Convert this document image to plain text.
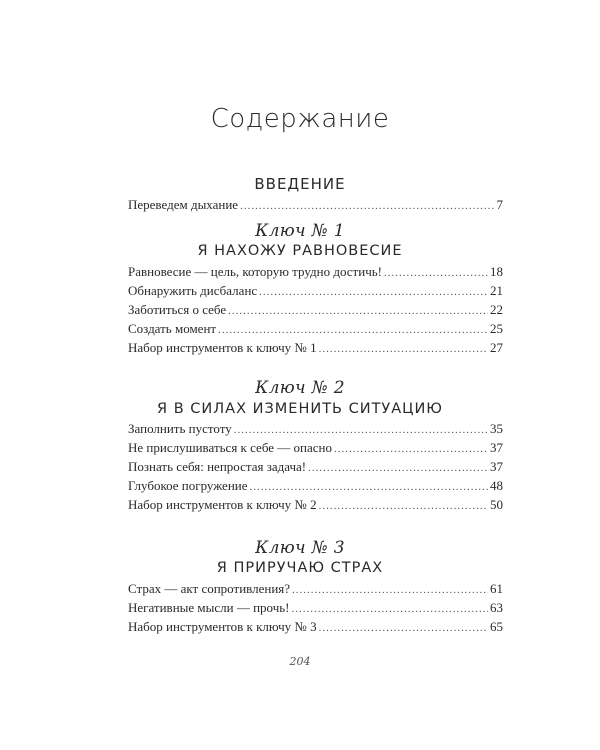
Содержание
ВВЕДЕНИЕ
Переведем дыхание .....	7
Ключ № 1
Я НАХОЖУ РАВНОВЕСИЕ
Равновесие — цель, которую трудно достичь! .....	18
Обнаружить дисбаланс .....	21
Заботиться о себе .....	22
Создать момент .....	25
Набор инструментов к ключу № 1 .....	27
Ключ № 2
Я В СИЛАХ ИЗМЕНИТЬ СИТУАЦИЮ
Заполнить пустоту .....	35
Не прислушиваться к себе — опасно .....	37
Познать себя: непростая задача! .....	37
Глубокое погружение .....	48
Набор инструментов к ключу № 2 .....	50
Ключ № 3
Я ПРИРУЧАЮ СТРАХ
Страх — акт сопротивления? .....	61
Негативные мысли — прочь! .....	63
Набор инструментов к ключу № 3 .....	65
204
